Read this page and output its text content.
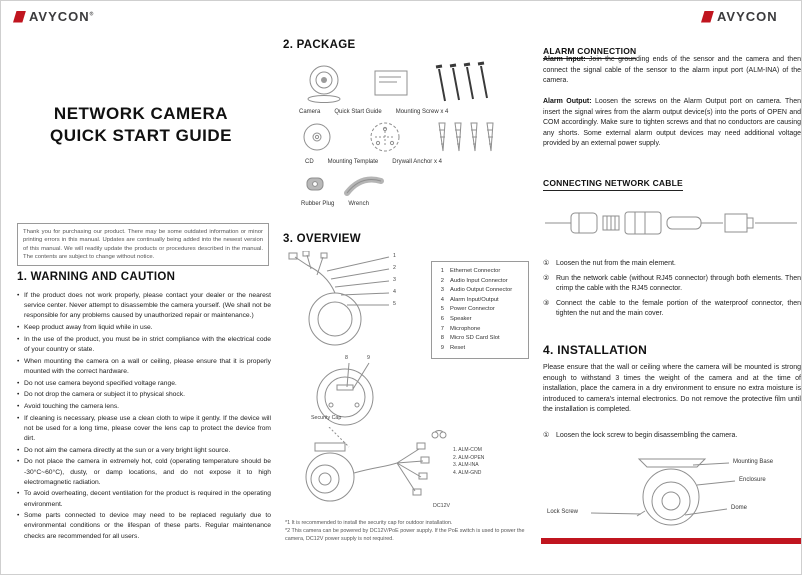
AVYCON®	AVYCON
NETWORK CAMERA
QUICK START GUIDE
Thank you for purchasing our product. There may be some outdated information or minor printing errors in this manual. Updates are continually being added into the newest version of this manual. We will readily update the products or procedures described in the manual. The contents are subject to change without notice.
1. WARNING AND CAUTION
• If the product does not work properly, please contact your dealer or the nearest service center. Never attempt to disassemble the camera yourself. (We shall not be responsible for any problems caused by unauthorized repair or maintenance.)
• Keep product away from liquid while in use.
• In the use of the product, you must be in strict compliance with the electrical code of your country or state.
• When mounting the camera on a wall or ceiling, please ensure that it is properly mounted with the correct hardware.
• Do not use camera beyond specified voltage range.
• Do not drop the camera or subject it to physical shock.
• Avoid touching the camera lens.
• If cleaning is necessary, please use a clean cloth to wipe it gently. If the device will not be used for a long time, please cover the lens cap to protect the device from dirt.
• Do not aim the camera directly at the sun or a very bright light source.
• Do not place the camera in extremely hot, cold (operating temperature should be -30°C~60°C), dusty, or damp locations, and do not expose it to high electromagnetic radiation.
• To avoid overheating, decent ventilation for the product is required in the operating environment.
• Some parts connected to device may need to be replaced regularly due to environmental conditions or the lifespan of these parts. Regular maintenance checks are recommended for all users.
2. PACKAGE
Camera Quick Start Guide Mounting Screw x 4
CD Mounting Template Drywall Anchor x 4
Rubber Plug Wrench
3. OVERVIEW
1
2
3
4
5
1 Ethernet Connector
2 Audio Input Connector
3 Audio Output Connector
4 Alarm Input/Output
5 Power Connector
6 Speaker
7 Microphone
8 Micro SD Card Slot
9 Reset
8	9
Security Cap
1. ALM-COM
2. ALM-OPEN
3. ALM-INA
4. ALM-GND
DC12V
*1 It is recommended to install the security cap for outdoor installation.
*2 This camera can be powered by DC12V/PoE power supply. If the PoE switch is used to power the camera, DC12V power supply is not required.
ALARM CONNECTION

Alarm Input: Join the grounding ends of the sensor and the camera and then connect the signal cable of the sensor to the alarm input port (ALM-INA) of the camera.

Alarm Output: Loosen the screws on the Alarm Output port on camera. Then insert the signal wires from the alarm output device(s) into the ports of OPEN and COM accordingly. Make sure to tighten screws and that no conductors are causing any shorts. Some external alarm output devices may need additional voltage provided by an external power supply.

CONNECTING NETWORK CABLE
① Loosen the nut from the main element.
② Run the network cable (without RJ45 connector) through both elements. Then crimp the cable with the RJ45 connector.
③ Connect the cable to the female portion of the waterproof connector, then tighten the nut and the main cover.
4. INSTALLATION

Please ensure that the wall or ceiling where the camera will be mounted is strong enough to withstand 3 times the weight of the camera and at the time of installation, place the camera in a dry environment to ensure no extra moisture is introduced to camera's internal electronics. Do not remove the protective film until the installation is completed.

① Loosen the lock screw to begin disassembling the camera.
Lock Screw
Mounting Base
Enclosure
Dome
